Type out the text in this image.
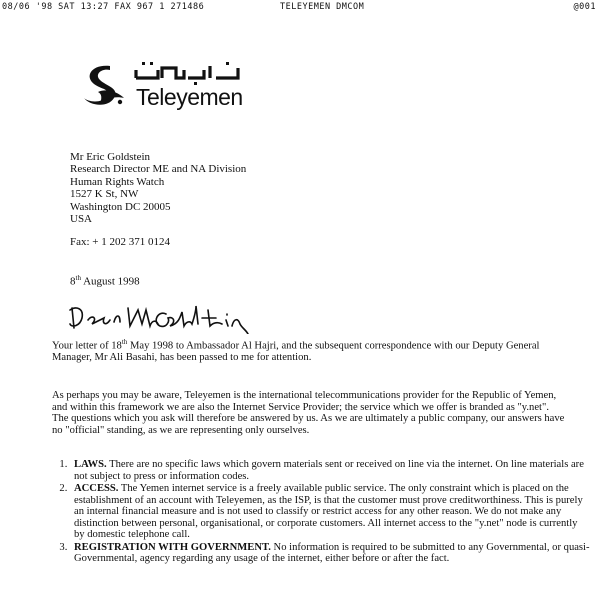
08/06 '98 SAT 13:27 FAX 967 1 271486	TELEYEMEN DMCOM	@001
Teleyemen
Mr Eric Goldstein
Research Director ME and NA Division
Human Rights Watch
1527 K St, NW
Washington DC 20005
USA
Fax: + 1 202 371 0124
8th August 1998

Your letter of 18th May 1998 to Ambassador Al Hajri, and the subsequent correspondence with our Deputy General Manager, Mr Ali Basahi, has been passed to me for attention.

As perhaps you may be aware, Teleyemen is the international telecommunications provider for the Republic of Yemen, and within this framework we are also the Internet Service Provider; the service which we offer is branded as "y.net". The questions which you ask will therefore be answered by us. As we are ultimately a public company, our answers have no "official" standing, as we are representing only ourselves.

1. LAWS. There are no specific laws which govern materials sent or received on line via the internet. On line materials are not subject to press or information codes.
2. ACCESS. The Yemen internet service is a freely available public service. The only constraint which is placed on the establishment of an account with Teleyemen, as the ISP, is that the customer must prove creditworthiness. This is purely an internal financial measure and is not used to classify or restrict access for any other reason. We do not make any distinction between personal, organisational, or corporate customers. All internet access to the "y.net" node is currently by domestic telephone call.
3. REGISTRATION WITH GOVERNMENT. No information is required to be submitted to any Governmental, or quasi-Governmental, agency regarding any usage of the internet, either before or after the fact.
